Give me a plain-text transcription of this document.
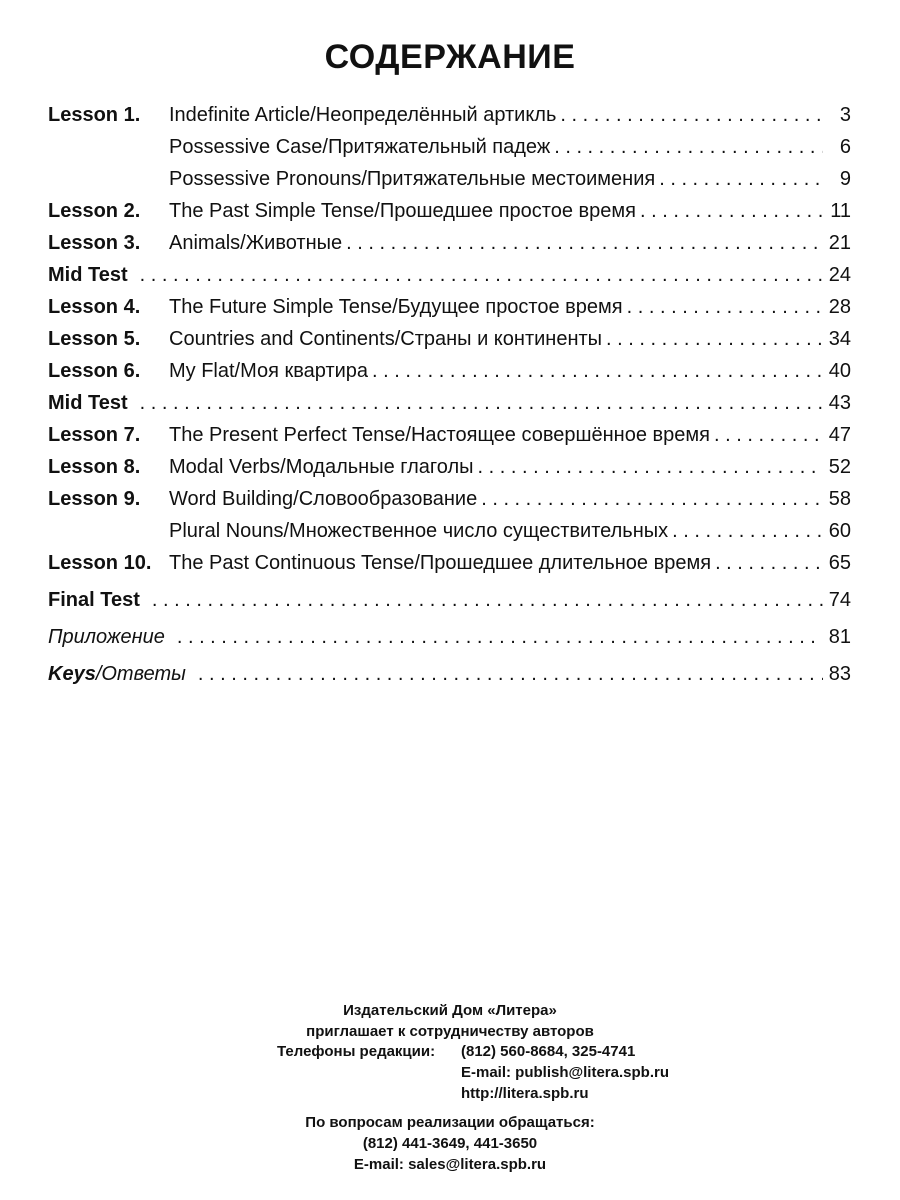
СОДЕРЖАНИЕ
Lesson 1.	Indefinite Article/Неопределённый артикль . . .	3
Possessive Case/Притяжательный падеж . . .	6
Possessive Pronouns/Притяжательные местоимения . . .	9
Lesson 2.	The Past Simple Tense/Прошедшее простое время . . .	11
Lesson 3.	Animals/Животные . . .	21
Mid Test . . .	24
Lesson 4.	The Future Simple Tense/Будущее простое время . . .	28
Lesson 5.	Countries and Continents/Страны и континенты . . .	34
Lesson 6.	My Flat/Моя квартира . . .	40
Mid Test . . .	43
Lesson 7.	The Present Perfect Tense/Настоящее совершённое время . . .	47
Lesson 8.	Modal Verbs/Модальные глаголы . . .	52
Lesson 9.	Word Building/Словообразование . . .	58
Plural Nouns/Множественное число существительных . . .	60
Lesson 10. The Past Continuous Tense/Прошедшее длительное время . . .	65
Final Test . . .	74
Приложение . . .	81
Keys/Ответы . . .	83
Издательский Дом «Литера»
приглашает к сотрудничеству авторов
Телефоны редакции: (812) 560-8684, 325-4741
E-mail: publish@litera.spb.ru
http://litera.spb.ru
По вопросам реализации обращаться:
(812) 441-3649, 441-3650
E-mail: sales@litera.spb.ru
